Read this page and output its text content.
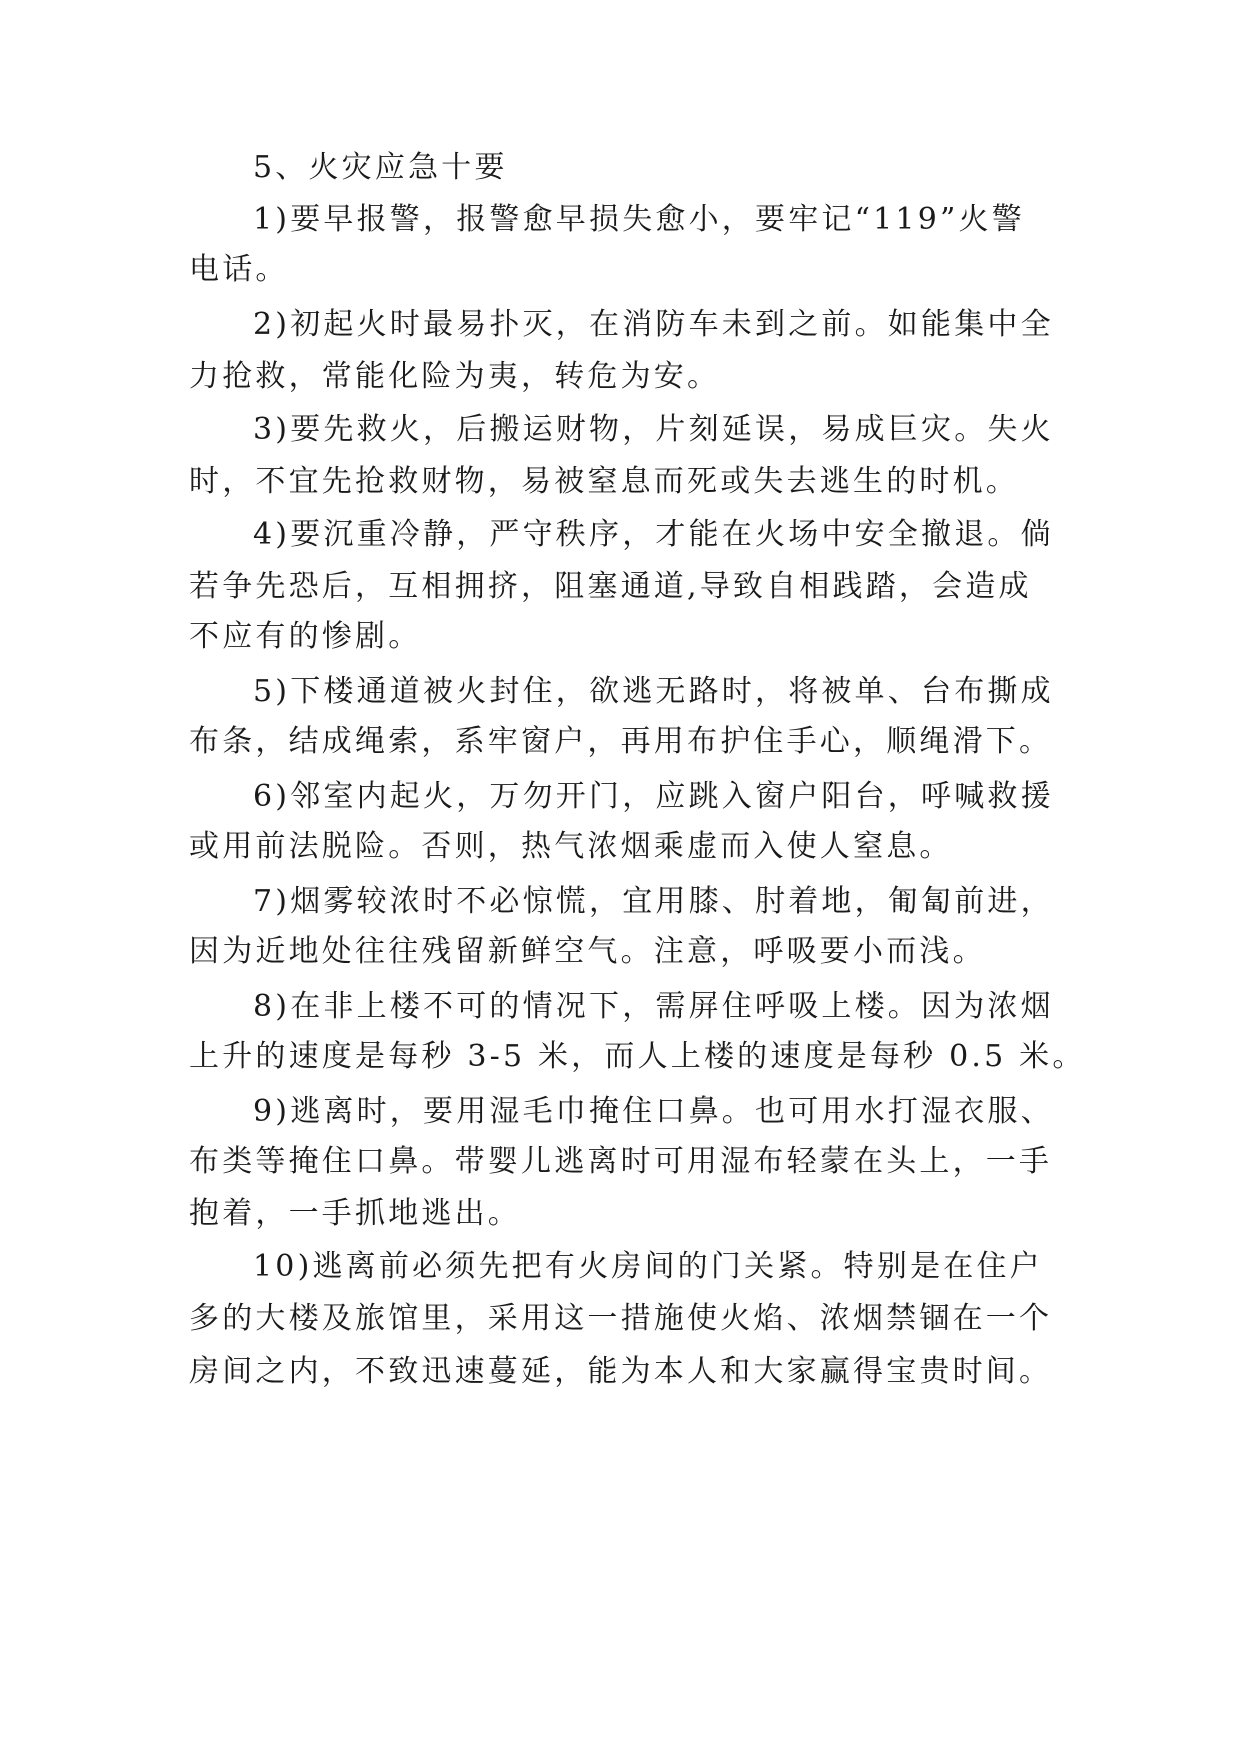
5、火灾应急十要
1)要早报警，报警愈早损失愈小，要牢记“119”火警
电话。
2)初起火时最易扑灭，在消防车未到之前。如能集中全
力抢救，常能化险为夷，转危为安。
3)要先救火，后搬运财物，片刻延误，易成巨灾。失火
时，不宜先抢救财物，易被窒息而死或失去逃生的时机。
4)要沉重冷静，严守秩序，才能在火场中安全撤退。倘
若争先恐后，互相拥挤，阻塞通道,导致自相践踏，会造成
不应有的惨剧。
5)下楼通道被火封住，欲逃无路时，将被单、台布撕成
布条，结成绳索，系牢窗户，再用布护住手心，顺绳滑下。
6)邻室内起火，万勿开门，应跳入窗户阳台，呼喊救援
或用前法脱险。否则，热气浓烟乘虚而入使人窒息。
7)烟雾较浓时不必惊慌，宜用膝、肘着地，匍匐前进，
因为近地处往往残留新鲜空气。注意，呼吸要小而浅。
8)在非上楼不可的情况下，需屏住呼吸上楼。因为浓烟
上升的速度是每秒 3-5 米，而人上楼的速度是每秒 0.5 米。
9)逃离时，要用湿毛巾掩住口鼻。也可用水打湿衣服、
布类等掩住口鼻。带婴儿逃离时可用湿布轻蒙在头上，一手
抱着，一手抓地逃出。
10)逃离前必须先把有火房间的门关紧。特别是在住户
多的大楼及旅馆里，采用这一措施使火焰、浓烟禁锢在一个
房间之内，不致迅速蔓延，能为本人和大家赢得宝贵时间。
